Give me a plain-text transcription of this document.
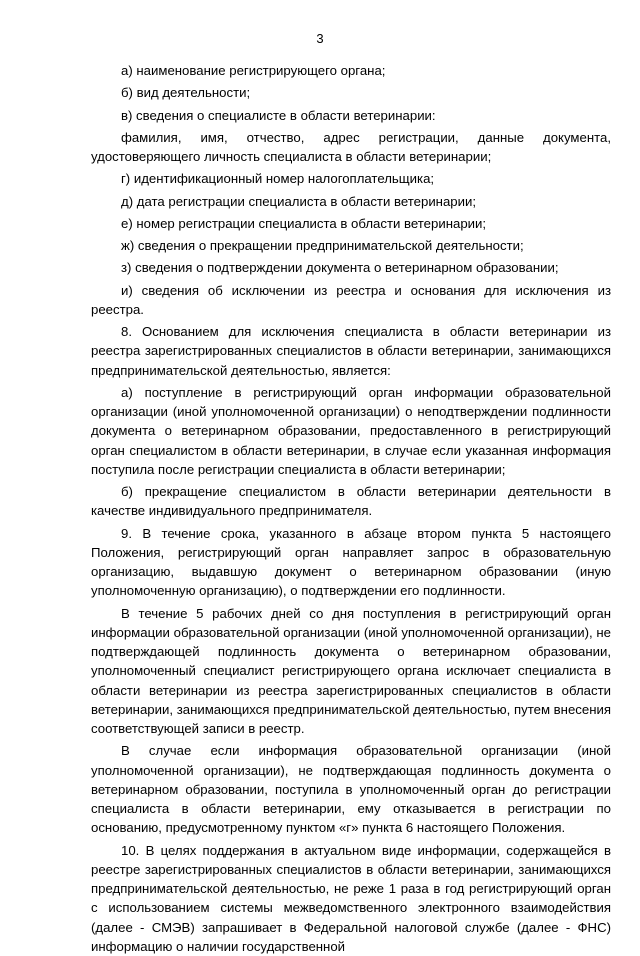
3

а) наименование регистрирующего органа;

б) вид деятельности;

в) сведения о специалисте в области ветеринарии:

фамилия, имя, отчество, адрес регистрации, данные документа, удостоверяющего личность специалиста в области ветеринарии;

г) идентификационный номер налогоплательщика;

д) дата регистрации специалиста в области ветеринарии;

е) номер регистрации специалиста в области ветеринарии;

ж) сведения о прекращении предпринимательской деятельности;

з) сведения о подтверждении документа о ветеринарном образовании;

и) сведения об исключении из реестра и основания для исключения из реестра.

8. Основанием для исключения специалиста в области ветеринарии из реестра зарегистрированных специалистов в области ветеринарии, занимающихся предпринимательской деятельностью, является:

а) поступление в регистрирующий орган информации образовательной организации (иной уполномоченной организации) о неподтверждении подлинности документа о ветеринарном образовании, предоставленного в регистрирующий орган специалистом в области ветеринарии, в случае если указанная информация поступила после регистрации специалиста в области ветеринарии;

б) прекращение специалистом в области ветеринарии деятельности в качестве индивидуального предпринимателя.

9. В течение срока, указанного в абзаце втором пункта 5 настоящего Положения, регистрирующий орган направляет запрос в образовательную организацию, выдавшую документ о ветеринарном образовании (иную уполномоченную организацию), о подтверждении его подлинности.

В течение 5 рабочих дней со дня поступления в регистрирующий орган информации образовательной организации (иной уполномоченной организации), не подтверждающей подлинность документа о ветеринарном образовании, уполномоченный специалист регистрирующего органа исключает специалиста в области ветеринарии из реестра зарегистрированных специалистов в области ветеринарии, занимающихся предпринимательской деятельностью, путем внесения соответствующей записи в реестр.

В случае если информация образовательной организации (иной уполномоченной организации), не подтверждающая подлинность документа о ветеринарном образовании, поступила в уполномоченный орган до регистрации специалиста в области ветеринарии, ему отказывается в регистрации по основанию, предусмотренному пунктом «г» пункта 6 настоящего Положения.

10. В целях поддержания в актуальном виде информации, содержащейся в реестре зарегистрированных специалистов в области ветеринарии, занимающихся предпринимательской деятельностью, не реже 1 раза в год регистрирующий орган с использованием системы межведомственного электронного взаимодействия (далее - СМЭВ) запрашивает в Федеральной налоговой службе (далее - ФНС) информацию о наличии государственной
